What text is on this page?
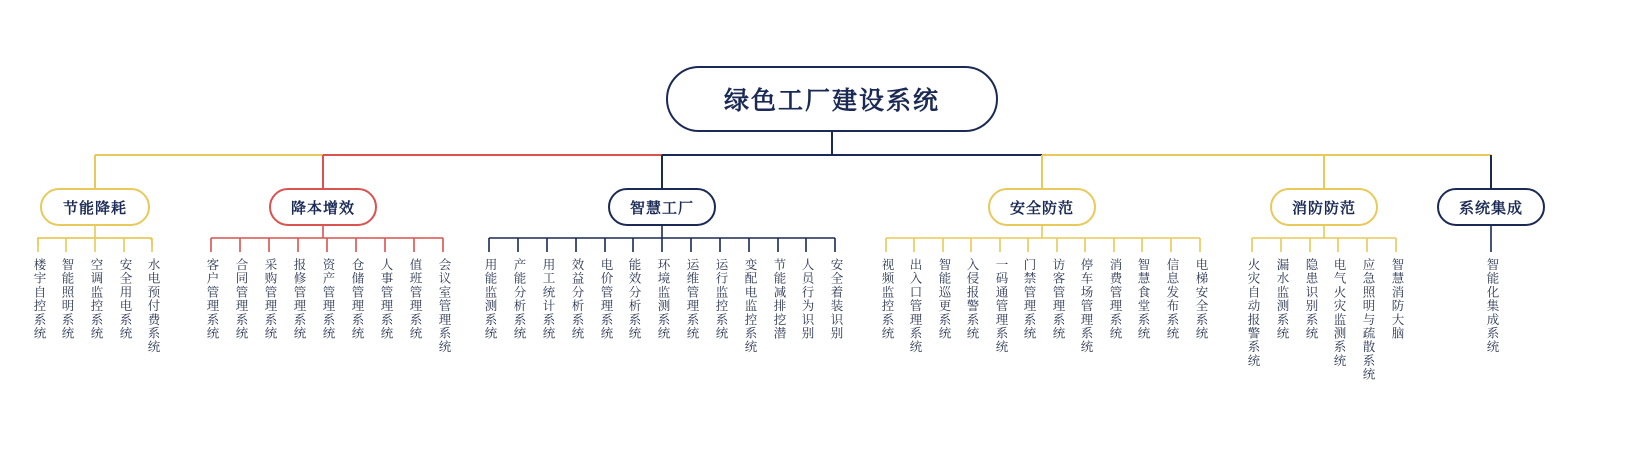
绿色工厂建设系统
节能降耗	降本增效	智慧工厂	安全防范	消防防范	系统集成
楼宇自控系统 智能照明系统 空调监控系统 安全用电系统 水电预付费系统	客户管理系统 合同管理系统 采购管理系统 报修管理系统 资产管理系统 仓储管理系统 人事管理系统 值班管理系统 会议室管理系统	用能监测系统 产能分析系统 用工统计系统 效益分析系统 电价管理系统 能效分析系统 环境监测系统 运维管理系统 运行监控系统 变配电监控系统 节能减排挖潜 人员行为识别 安全着装识别	视频监控系统 出入口管理系统 智能巡更系统 入侵报警系统 一码通管理系统 门禁管理系统 访客管理系统 停车场管理系统 消费管理系统 智慧食堂系统 信息发布系统 电梯安全系统	火灾自动报警系统 漏水监测系统 隐患识别系统 电气火灾监测系统 应急照明与疏散系统 智慧消防大脑	智能化集成系统
